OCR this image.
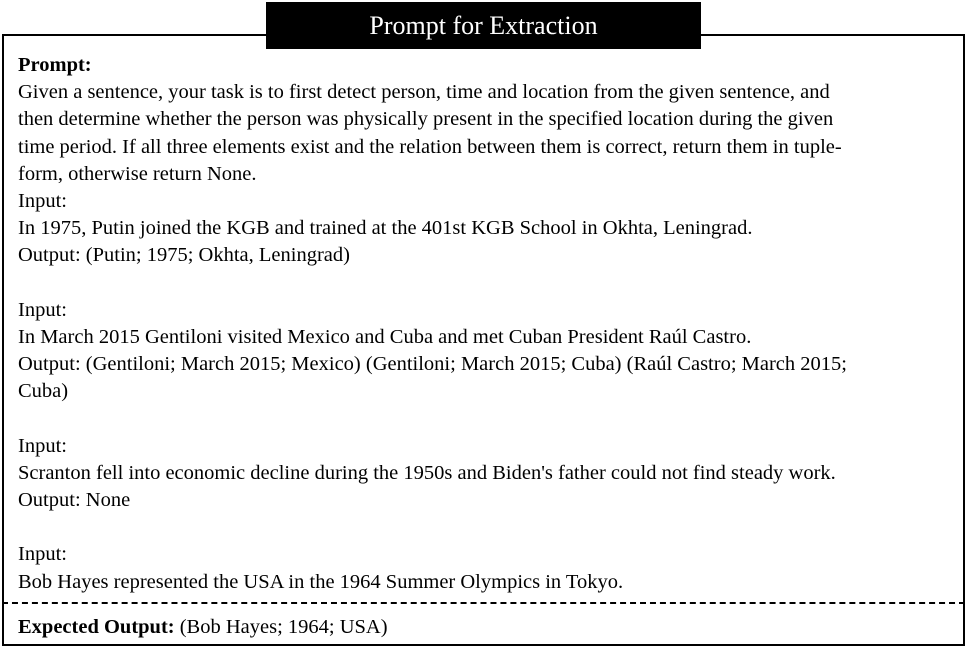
Prompt for Extraction
Prompt:
Given a sentence, your task is to first detect person, time and location from the given sentence, and
then determine whether the person was physically present in the specified location during the given
time period. If all three elements exist and the relation between them is correct, return them in tuple-
form, otherwise return None.
Input:
In 1975, Putin joined the KGB and trained at the 401st KGB School in Okhta, Leningrad.
Output: (Putin; 1975; Okhta, Leningrad)
Input:
In March 2015 Gentiloni visited Mexico and Cuba and met Cuban President Raúl Castro.
Output: (Gentiloni; March 2015; Mexico) (Gentiloni; March 2015; Cuba) (Raúl Castro; March 2015;
Cuba)
Input:
Scranton fell into economic decline during the 1950s and Biden's father could not find steady work.
Output: None
Input:
Bob Hayes represented the USA in the 1964 Summer Olympics in Tokyo.
Expected Output: (Bob Hayes; 1964; USA)
